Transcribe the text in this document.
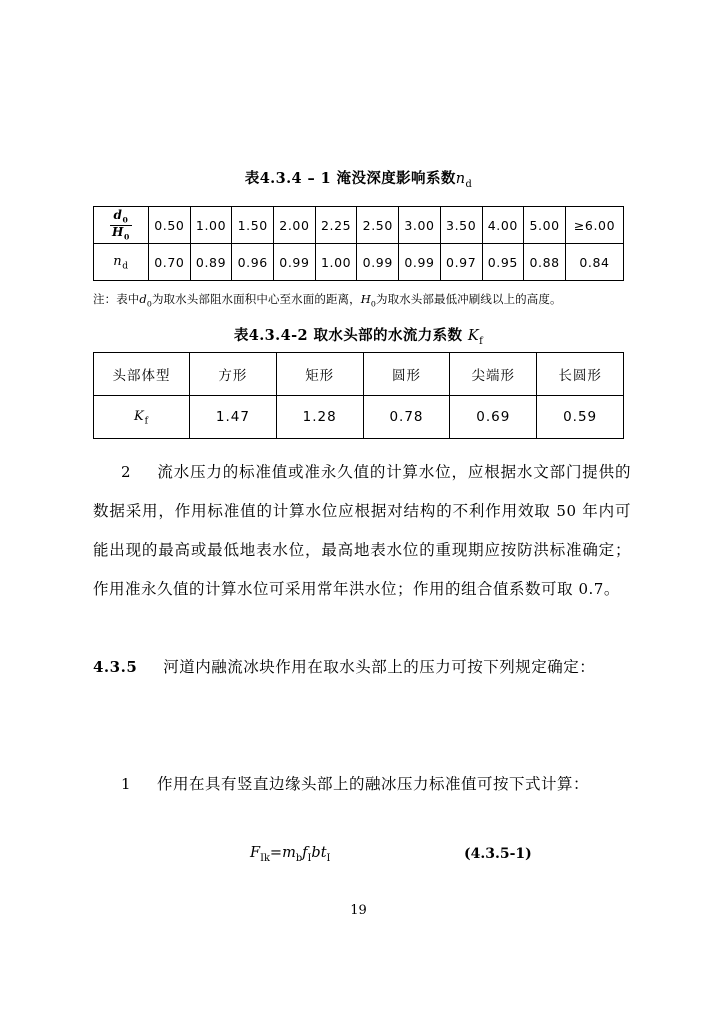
表4.3.4 – 1 淹没深度影响系数$n_d$
$\frac{d_0}{H_0}$	0.50	1.00	1.50	2.00	2.25	2.50	3.00	3.50	4.00	5.00	≥6.00
$n_d$	0.70	0.89	0.96	0.99	1.00	0.99	0.99	0.97	0.95	0.88	0.84
注：表中$d_0$为取水头部阻水面积中心至水面的距离，$H_0$为取水头部最低冲刷线以上的高度。
表4.3.4-2 取水头部的水流力系数 $K_f$
头部体型	方形	矩形	圆形	尖端形	长圆形
$K_f$	1.47	1.28	0.78	0.69	0.59

2 流水压力的标准值或准永久值的计算水位，应根据水文部门提供的数据采用，作用标准值的计算水位应根据对结构的不利作用效取 50 年内可能出现的最高或最低地表水位，最高地表水位的重现期应按防洪标准确定；作用准永久值的计算水位可采用常年洪水位；作用的组合值系数可取 0.7。

4.3.5 河道内融流冰块作用在取水头部上的压力可按下列规定确定：

1 作用在具有竖直边缘头部上的融冰压力标准值可按下式计算：

$F_{Ik}=m_bf_Ibt_I$	(4.3.5-1)
19
